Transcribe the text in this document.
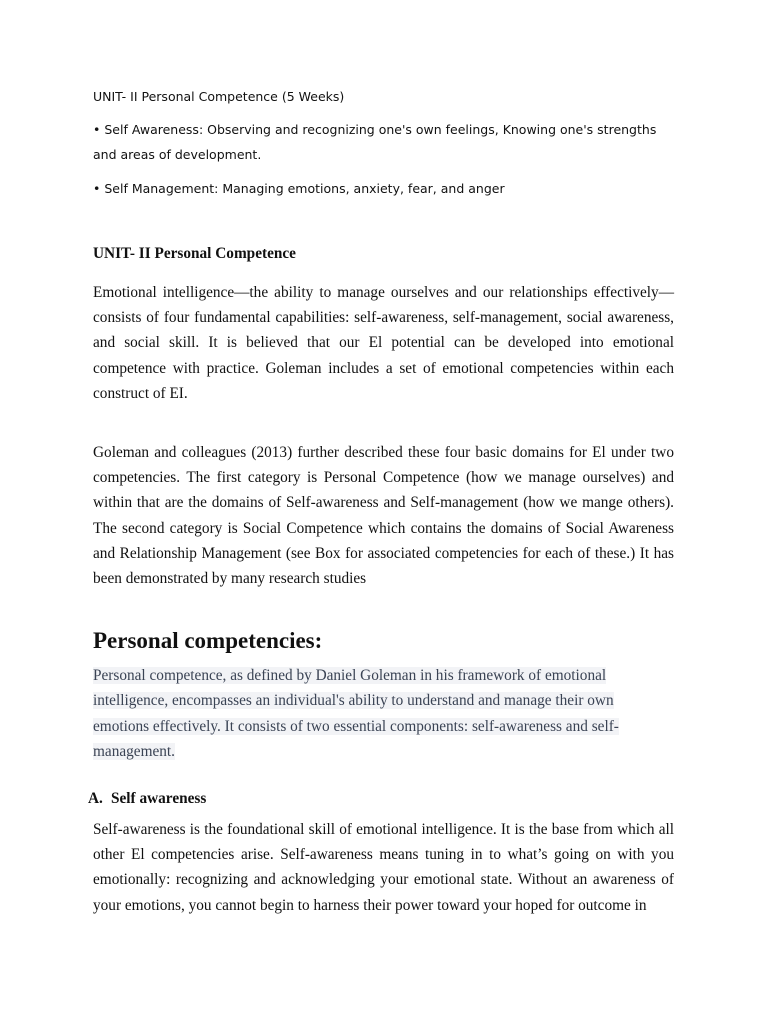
UNIT- II Personal Competence (5 Weeks)
• Self Awareness: Observing and recognizing one's own feelings, Knowing one's strengths and areas of development.
• Self Management: Managing emotions, anxiety, fear, and anger
UNIT- II Personal Competence

Emotional intelligence—the ability to manage ourselves and our relationships effectively—consists of four fundamental capabilities: self-awareness, self-management, social awareness, and social skill. It is believed that our El potential can be developed into emotional competence with practice. Goleman includes a set of emotional competencies within each construct of EI.

Goleman and colleagues (2013) further described these four basic domains for El under two competencies. The first category is Personal Competence (how we manage ourselves) and within that are the domains of Self-awareness and Self-management (how we mange others). The second category is Social Competence which contains the domains of Social Awareness and Relationship Management (see Box for associated competencies for each of these.) It has been demonstrated by many research studies

Personal competencies:

Personal competence, as defined by Daniel Goleman in his framework of emotional

intelligence, encompasses an individual's ability to understand and manage their own

emotions effectively. It consists of two essential components: self-awareness and self-

management.

A. Self awareness

Self-awareness is the foundational skill of emotional intelligence. It is the base from which all other El competencies arise. Self-awareness means tuning in to what’s going on with you emotionally: recognizing and acknowledging your emotional state. Without an awareness of your emotions, you cannot begin to harness their power toward your hoped for outcome in
